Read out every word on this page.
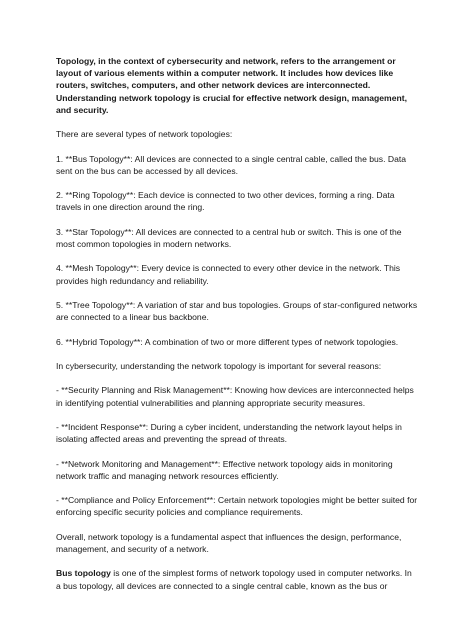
Topology, in the context of cybersecurity and network, refers to the arrangement or layout of various elements within a computer network. It includes how devices like routers, switches, computers, and other network devices are interconnected. Understanding network topology is crucial for effective network design, management, and security.

There are several types of network topologies:

1. **Bus Topology**: All devices are connected to a single central cable, called the bus. Data sent on the bus can be accessed by all devices.

2. **Ring Topology**: Each device is connected to two other devices, forming a ring. Data travels in one direction around the ring.

3. **Star Topology**: All devices are connected to a central hub or switch. This is one of the most common topologies in modern networks.

4. **Mesh Topology**: Every device is connected to every other device in the network. This provides high redundancy and reliability.

5. **Tree Topology**: A variation of star and bus topologies. Groups of star-configured networks are connected to a linear bus backbone.

6. **Hybrid Topology**: A combination of two or more different types of network topologies.

In cybersecurity, understanding the network topology is important for several reasons:

- **Security Planning and Risk Management**: Knowing how devices are interconnected helps in identifying potential vulnerabilities and planning appropriate security measures.

- **Incident Response**: During a cyber incident, understanding the network layout helps in isolating affected areas and preventing the spread of threats.

- **Network Monitoring and Management**: Effective network topology aids in monitoring network traffic and managing network resources efficiently.

- **Compliance and Policy Enforcement**: Certain network topologies might be better suited for enforcing specific security policies and compliance requirements.

Overall, network topology is a fundamental aspect that influences the design, performance, management, and security of a network.

Bus topology is one of the simplest forms of network topology used in computer networks. In a bus topology, all devices are connected to a single central cable, known as the bus or
